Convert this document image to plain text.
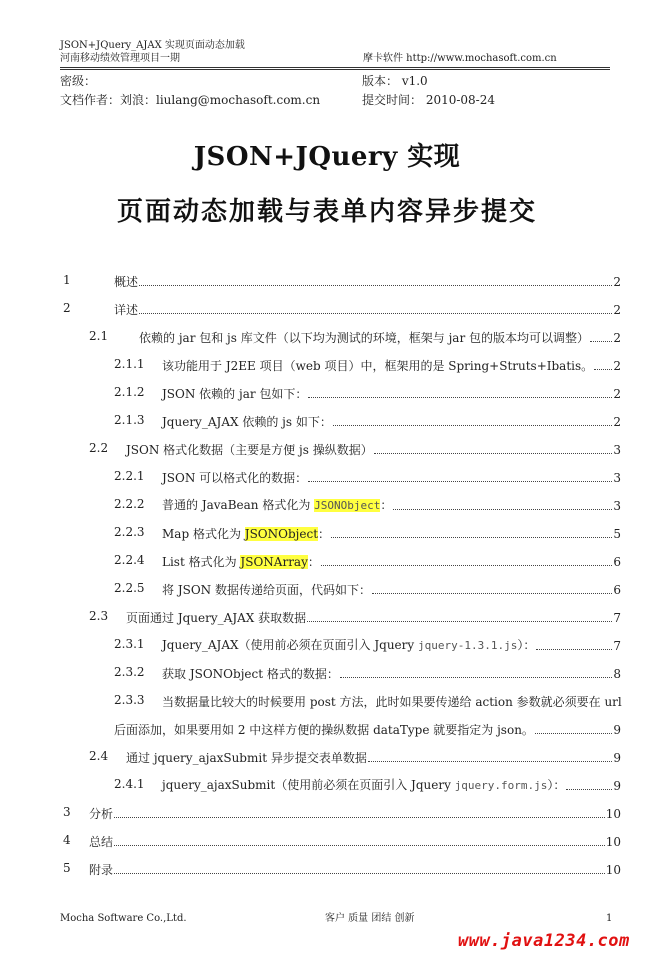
JSON+JQuery_AJAX 实现页面动态加载
河南移动绩效管理项目一期	摩卡软件 http://www.mochasoft.com.cn
密级：	版本： v1.0
文档作者：刘浪：liulang@mochasoft.com.cn	提交时间： 2010-08-24
JSON+JQuery 实现
页面动态加载与表单内容异步提交
1	概述	2
2	详述	2
2.1	依赖的 jar 包和 js 库文件（以下均为测试的环境，框架与 jar 包的版本均可以调整） 2
2.1.1 该功能用于 J2EE 项目（web 项目）中，框架用的是 Spring+Struts+Ibatis。 2
2.1.2 JSON 依赖的 jar 包如下：	2
2.1.3 Jquery_AJAX 依赖的 js 如下：	2
2.2 JSON 格式化数据（主要是方便 js 操纵数据）	3
2.2.1 JSON 可以格式化的数据：	3
2.2.2 普通的 JavaBean 格式化为 JSONObject：	3
2.2.3 Map 格式化为 JSONObject：	5
2.2.4 List 格式化为 JSONArray：	6
2.2.5 将 JSON 数据传递给页面，代码如下：	6
2.3 页面通过 Jquery_AJAX 获取数据	7
2.3.1 Jquery_AJAX（使用前必须在页面引入 Jquery jquery-1.3.1.js）：	7
2.3.2 获取 JSONObject 格式的数据：	8
2.3.3 当数据量比较大的时候要用 post 方法，此时如果要传递给 action 参数就必须要在 url
后面添加，如果要用如 2 中这样方便的操纵数据 dataType 就要指定为 json。	9
2.4 通过 jquery_ajaxSubmit 异步提交表单数据	9
2.4.1 jquery_ajaxSubmit（使用前必须在页面引入 Jquery jquery.form.js）：	9
3 分析	10
4 总结	10
5 附录	10
Mocha Software Co.,Ltd.	客户 质量 团结 创新	1
www.java1234.com
